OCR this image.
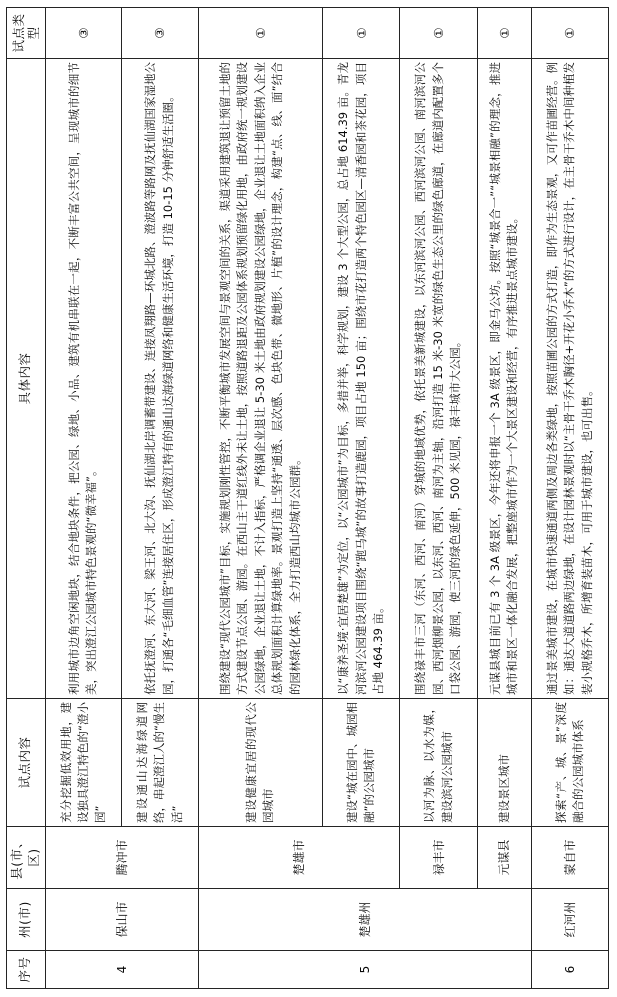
序号	州(市)	县(市、区)	试点内容	具体内容	试点类型
4	保山市	腾冲市	充分挖掘低效用地，建设独具澄江特色的“澄小园”	利用城市边角空闲地块，结合地块条件，把公园、绿地、小品、建筑有机串联在一起，不断丰富公共空间，呈现城市的细节美，突出澄江公园城市特色景观的“微幸福”。	③
			建设通山达海绿道网络，串起澄江人的“慢生活”	依托抚澄河、东大河、梁王河、北大沟、抚仙湖北岸调蓄带建设、连接凤翔路—环城北路、澄波路等路网及抚仙湖国家湿地公园，打通各“毛细血管”连接居住区，形成澄江特有的通山达海绿道网络和健康生活环境，打造 10-15 分钟舒适生活圈。	③
5	楚雄州	楚雄市	建设健康宜居的现代公园城市	围绕建设“现代公园城市”目标，实施规划刚性管控，不断平衡城市发展空间与景观空间的关系，渠道采用建筑退让预留土地的方式建设节点公园、游园。在西山主干道红线外未让土地，按照道路退距及公园体系规划预留绿化用地，由政府统一规划建设公园绿地，企业退让土地，不计入指标，严格调企业退让 5-30 米土地由政府规划建设公园绿地，企业退让土地面积纳入企业总体规划面积计算绿地率。景观打造上坚持“通透、层次感、色块色带、微地形、片植”的设计理念，构建“点、线、面”结合的园林绿化体系，全力打造西山均城市公园群。	①
			建设“城在园中、城园相融”的公园城市	以“康养圣境·宜居楚雄”为定位，以“公园城市”为目标，多措并举，科学规划，建设 3 个大型公园，总占地 614.39 亩。青龙河滨河公园建设项目围绕“跑马城”的故事打造鹿园，项目占地 150 亩；围绕市花打造两个特色园区—清香园和茶花园，项目占地 464.39 亩。	①
		禄丰市	以河为脉、以水为媒，建设滨河公园城市	围绕禄丰市三河（东河、西河、南河）穿城的地域优势，依托景美新城建设，以东河滨河公园、西河滨河公园、南河滨河公园、西河烟柳景公园，以东河、西河、南河为主轴，沿河打造 15 米-30 米宽的绿色生态公里的绿色廊道，在廊道内配置多个口袋公园、游园，使三河的绿色延伸，500 米见园，禄丰城市大公园。	①
		元谋县	建设景区城市	元谋县城目前已有 3 个 3A 级景区，今年还将申报一个 3A 级景区，即金马公坊。按照“城景合一”“城景相融”的理念，推进城市和景区一体化融合发展，把整座城市作为一个大景区建设和经营，有序推进景点城市建设。	①
6	红河州	蒙自市	探索“产、城、景”深度融合的公园城市体系	通过景美城市建设，在城市快速通道两侧及周边各类绿地，按照苗圃公园的方式打造，即作为生态景观，又可作苗圃经营。例如：通达大道道路两边绿地，在设计园林景观时以“主骨干乔木胸径+开花小乔木”的方式进行设计，在主骨干乔木中间种植发装小规格乔木，所增育装苗木，可用于城市建设，也可出售。	①
